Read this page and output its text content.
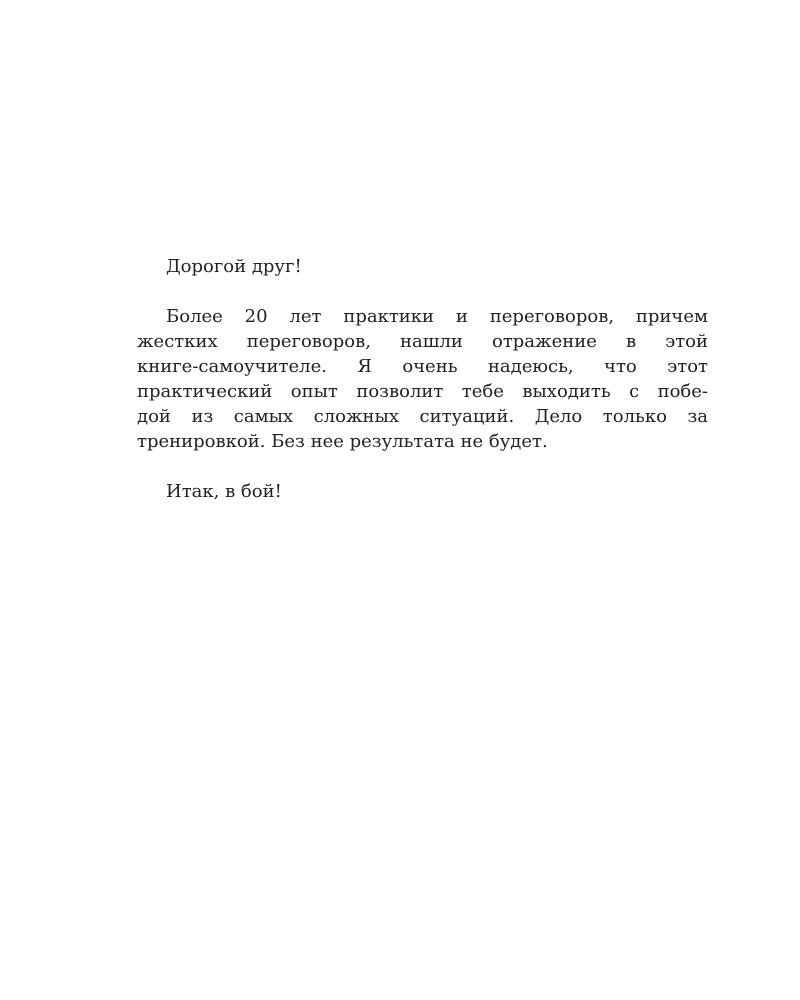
Дорогой друг!

Более 20 лет практики и переговоров, причем
жестких переговоров, нашли отражение в этой
книге-самоучителе. Я очень надеюсь, что этот
практический опыт позволит тебе выходить с побе-
дой из самых сложных ситуаций. Дело только за
тренировкой. Без нее результата не будет.

Итак, в бой!
